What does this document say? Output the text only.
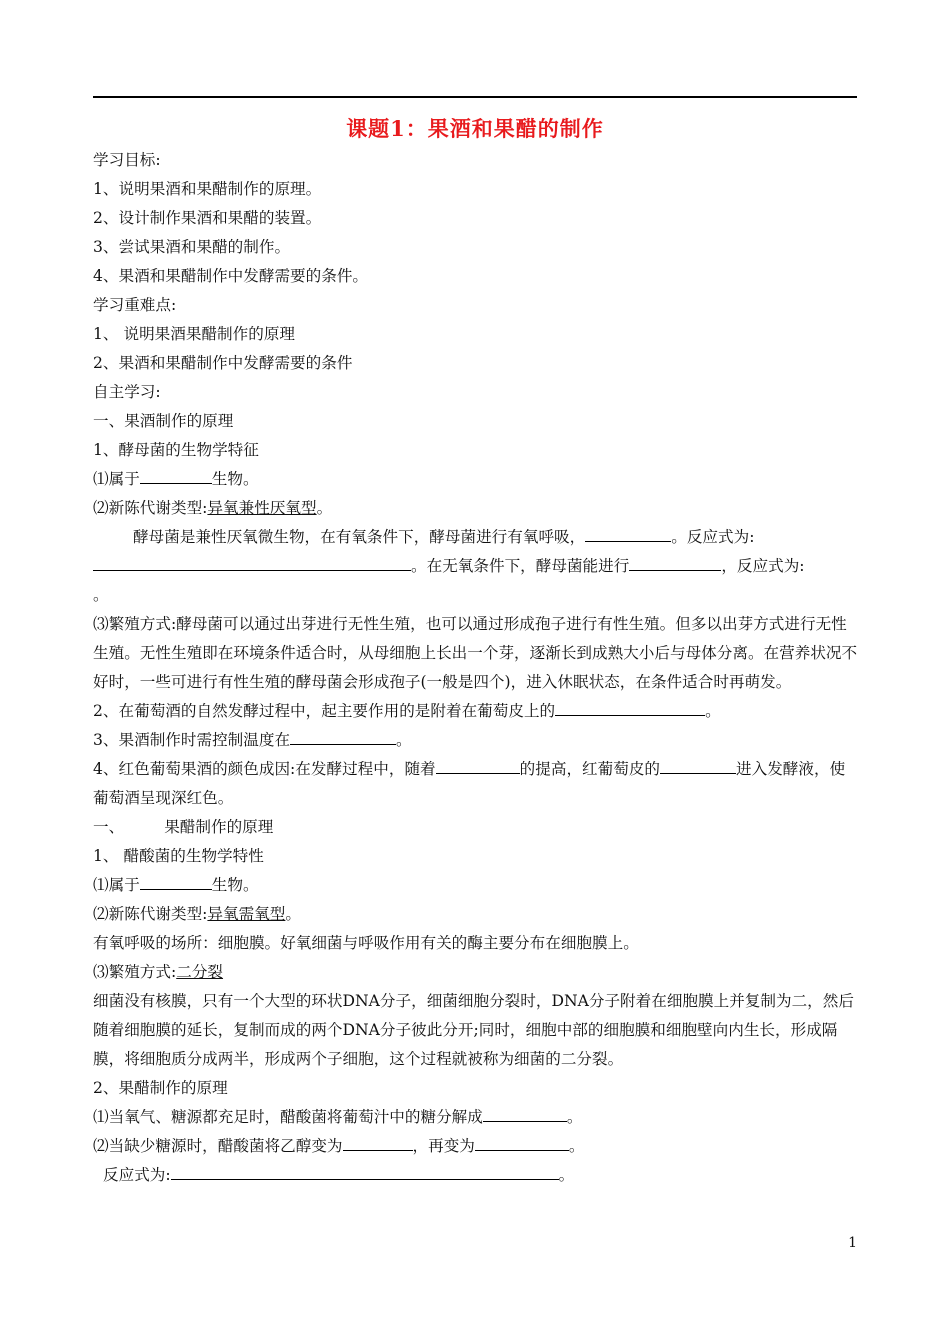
课题1：果酒和果醋的制作

学习目标:

1、说明果酒和果醋制作的原理。

2、设计制作果酒和果醋的装置。

3、尝试果酒和果醋的制作。

4、果酒和果醋制作中发酵需要的条件。

学习重难点:

1、 说明果酒果醋制作的原理

2、果酒和果醋制作中发酵需要的条件

自主学习:

一、果酒制作的原理

1、酵母菌的生物学特征

⑴属于	生物。

⑵新陈代谢类型:异氧兼性厌氧型。

酵母菌是兼性厌氧微生物，在有氧条件下，酵母菌进行有氧呼吸，	。反应式为:

。在无氧条件下，酵母菌能进行	，反应式为:

。

⑶繁殖方式:酵母菌可以通过出芽进行无性生殖，也可以通过形成孢子进行有性生殖。但多以出芽方式进行无性生殖。无性生殖即在环境条件适合时，从母细胞上长出一个芽，逐渐长到成熟大小后与母体分离。在营养状况不好时，一些可进行有性生殖的酵母菌会形成孢子(一般是四个)，进入休眠状态，在条件适合时再萌发。

2、在葡萄酒的自然发酵过程中，起主要作用的是附着在葡萄皮上的	。

3、果酒制作时需控制温度在	。

4、红色葡萄果酒的颜色成因:在发酵过程中，随着	的提高，红葡萄皮的	进入发酵液，使葡萄酒呈现深红色。

一、	果醋制作的原理

1、 醋酸菌的生物学特性

⑴属于	生物。

⑵新陈代谢类型:异氧需氧型。

有氧呼吸的场所：细胞膜。好氧细菌与呼吸作用有关的酶主要分布在细胞膜上。

⑶繁殖方式:二分裂

细菌没有核膜，只有一个大型的环状DNA分子，细菌细胞分裂时，DNA分子附着在细胞膜上并复制为二，然后随着细胞膜的延长，复制而成的两个DNA分子彼此分开;同时，细胞中部的细胞膜和细胞壁向内生长，形成隔膜，将细胞质分成两半，形成两个子细胞，这个过程就被称为细菌的二分裂。

2、果醋制作的原理

⑴当氧气、糖源都充足时，醋酸菌将葡萄汁中的糖分解成	。

⑵当缺少糖源时，醋酸菌将乙醇变为	，再变为	。

反应式为:	。

1
